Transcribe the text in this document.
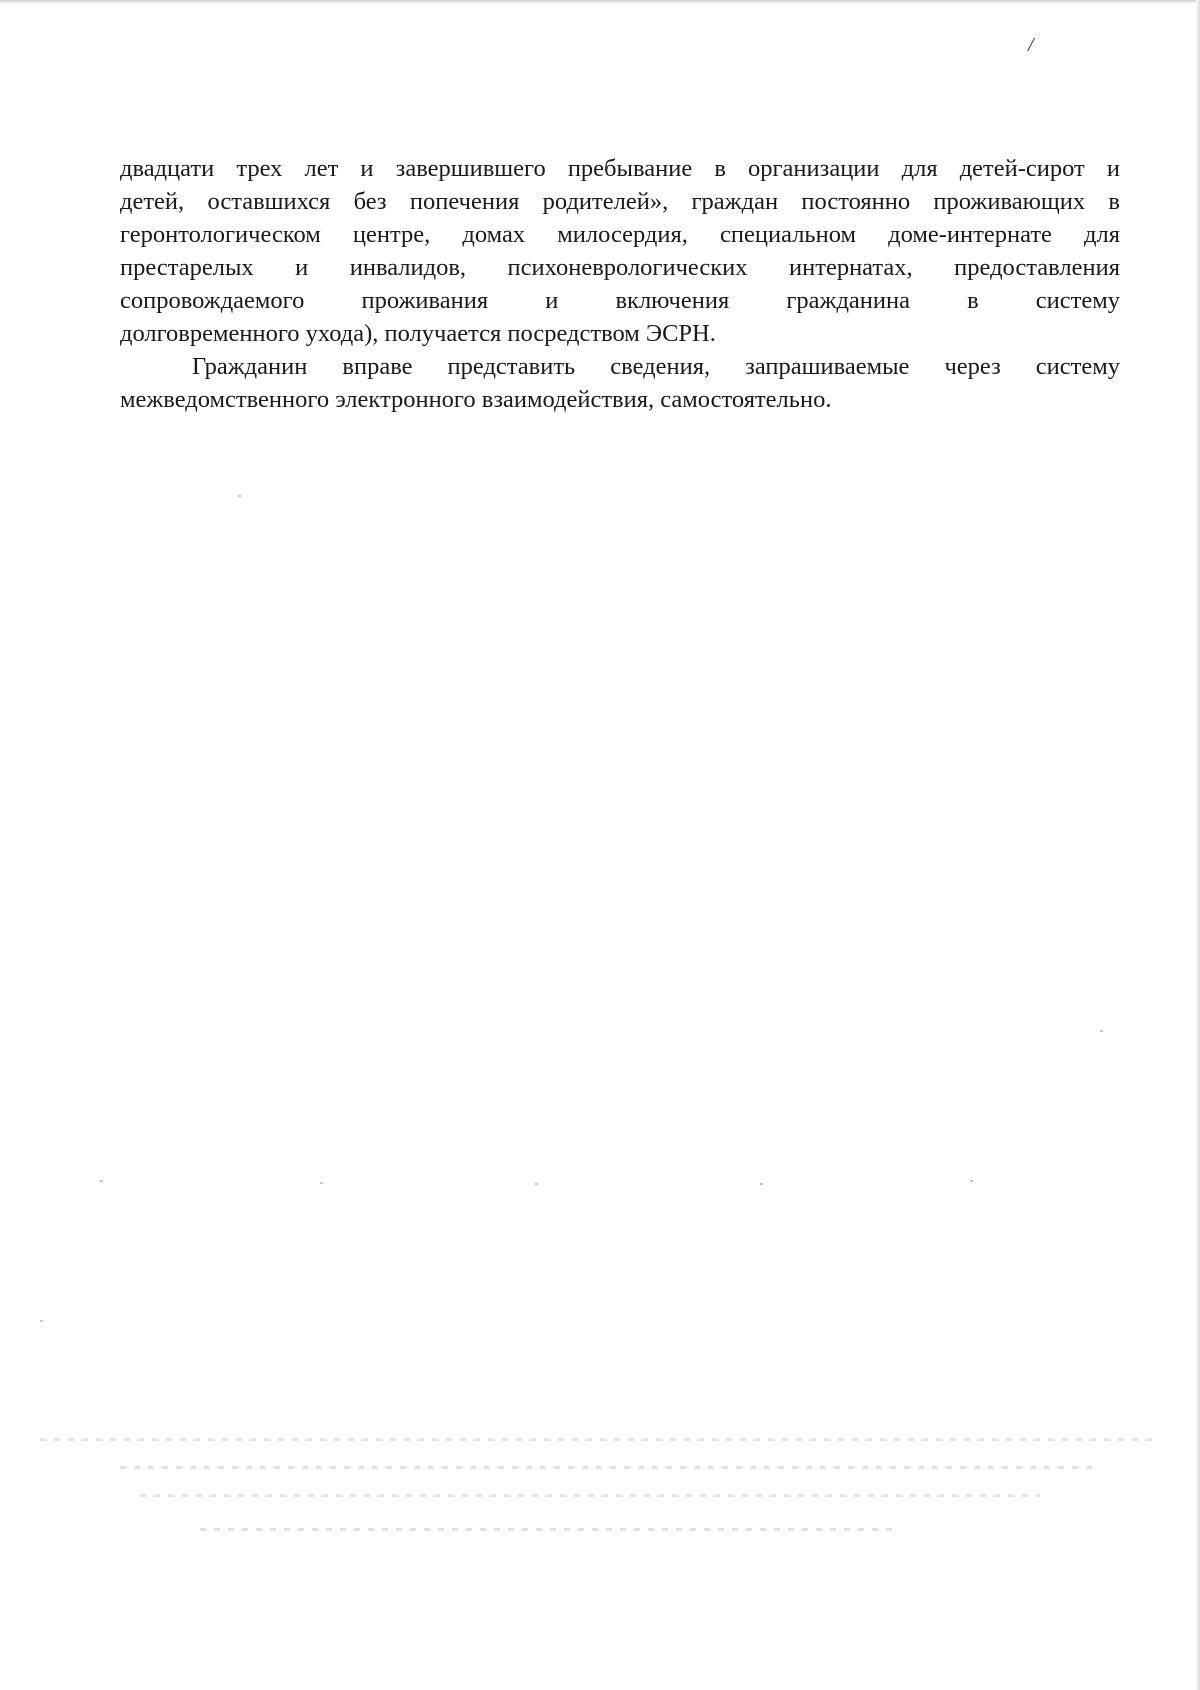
/
двадцати трех лет и завершившего пребывание в организации для детей-сирот и
детей, оставшихся без попечения родителей», граждан постоянно проживающих в
геронтологическом центре, домах милосердия, специальном доме-интернате для
престарелых и инвалидов, психоневрологических интернатах, предоставления
сопровождаемого проживания и включения гражданина в систему
долговременного ухода), получается посредством ЭСРН.
Гражданин вправе представить сведения, запрашиваемые через систему
межведомственного электронного взаимодействия, самостоятельно.
